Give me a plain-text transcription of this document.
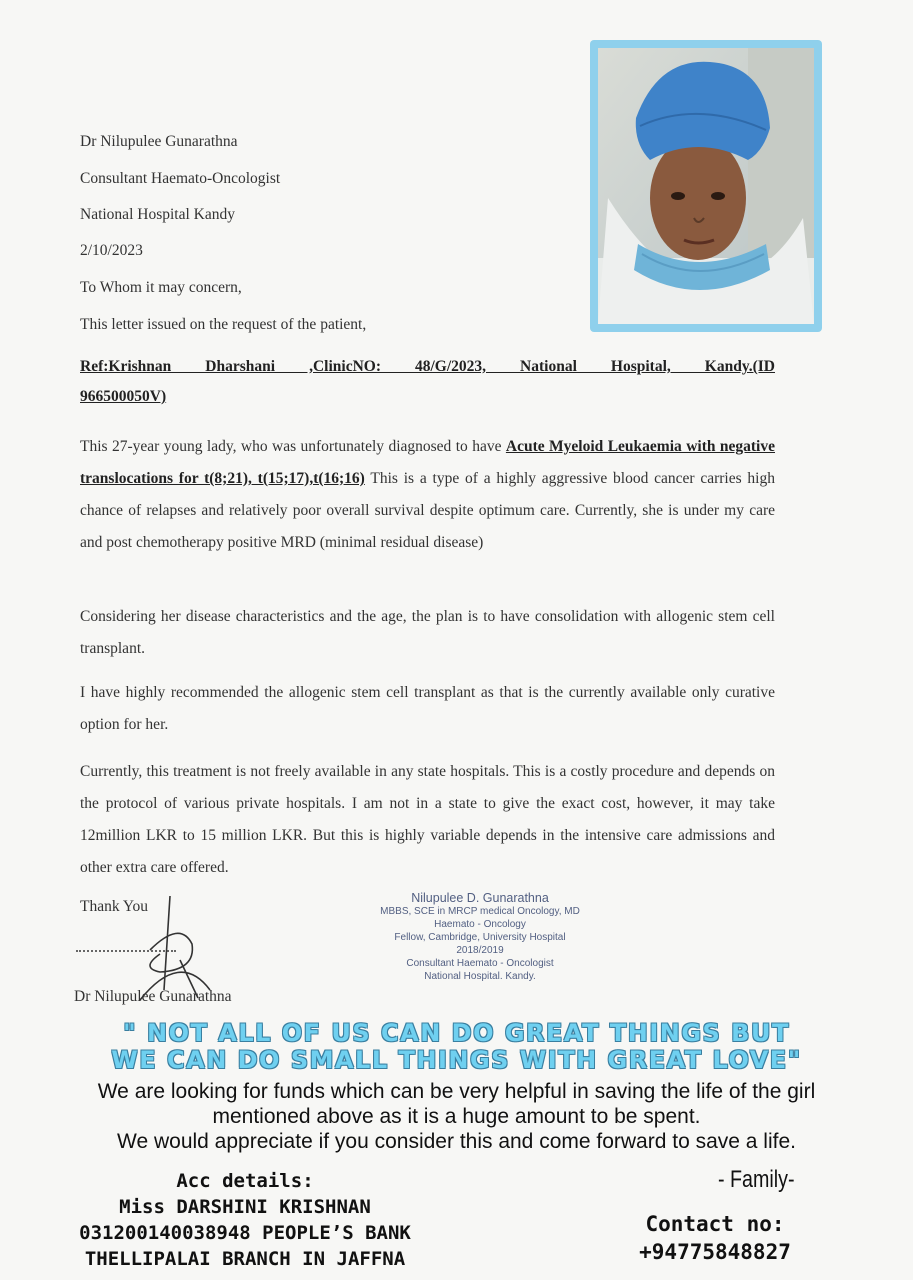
Dr Nilupulee Gunarathna
Consultant Haemato-Oncologist
National Hospital Kandy
2/10/2023
To Whom it may concern,
This letter issued on the request of the patient,
Ref:Krishnan Dharshani ,ClinicNO: 48/G/2023, National Hospital, Kandy.(ID
966500050V)
This 27-year young lady, who was unfortunately diagnosed to have Acute Myeloid Leukaemia with negative translocations for t(8;21), t(15;17),t(16;16) This is a type of a highly aggressive blood cancer carries high chance of relapses and relatively poor overall survival despite optimum care. Currently, she is under my care and post chemotherapy positive MRD (minimal residual disease)
Considering her disease characteristics and the age, the plan is to have consolidation with allogenic stem cell transplant.
I have highly recommended the allogenic stem cell transplant as that is the currently available only curative option for her.
Currently, this treatment is not freely available in any state hospitals. This is a costly procedure and depends on the protocol of various private hospitals. I am not in a state to give the exact cost, however, it may take 12million LKR to 15 million LKR. But this is highly variable depends in the intensive care admissions and other extra care offered.
Thank You
Dr Nilupulee Gunarathna
Nilupulee D. Gunarathna
MBBS, SCE in MRCP medical Oncology, MD
Haemato - Oncology
Fellow, Cambridge, University Hospital
2018/2019
Consultant Haemato - Oncologist
National Hospital. Kandy.
" NOT ALL OF US CAN DO GREAT THINGS BUT
WE CAN DO SMALL THINGS WITH GREAT LOVE"
We are looking for funds which can be very helpful in saving the life of the girl
mentioned above as it is a huge amount to be spent.
We would appreciate if you consider this and come forward to save a life.
Acc details:
Miss DARSHINI KRISHNAN
031200140038948 PEOPLE’S BANK
THELLIPALAI BRANCH IN JAFFNA
- Family-
Contact no:
+94775848827
